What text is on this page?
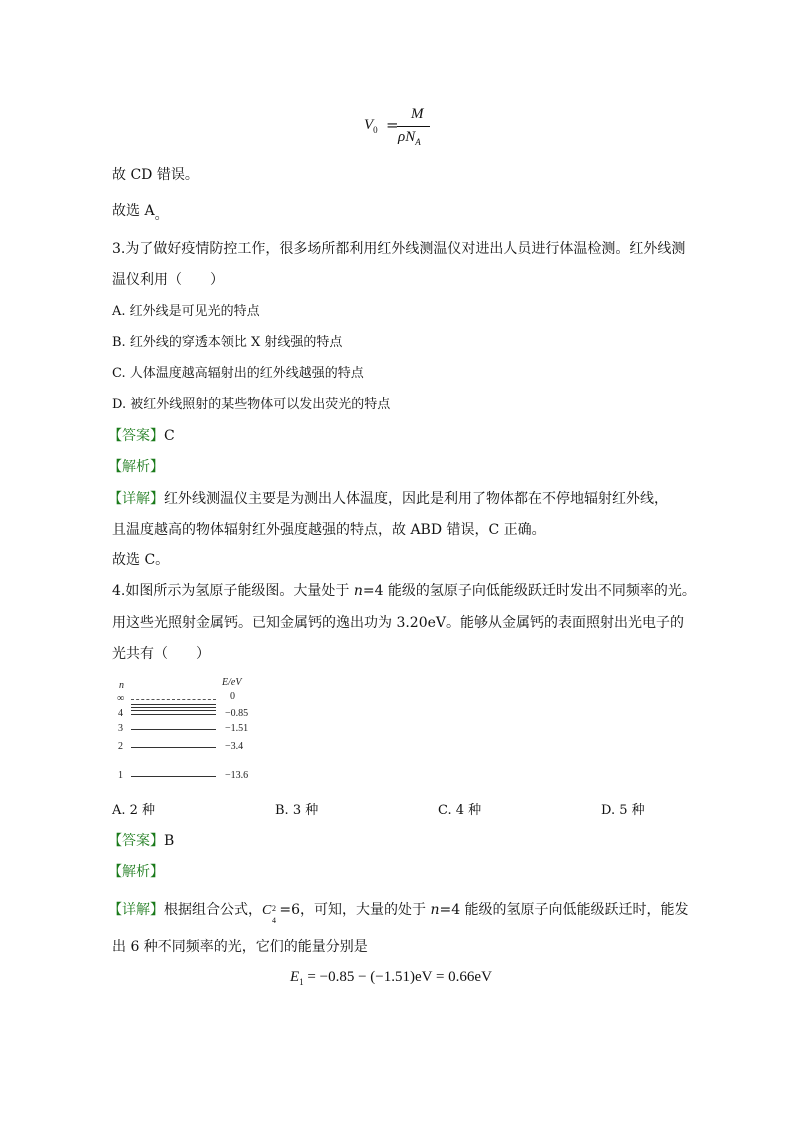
$V_0$ =
M
$\rho N_A$
故 CD 错误。
故选 A。
3.为了做好疫情防控工作，很多场所都利用红外线测温仪对进出人员进行体温检测。红外线测
温仪利用（　　）
A. 红外线是可见光的特点
B. 红外线的穿透本领比 X 射线强的特点
C. 人体温度越高辐射出的红外线越强的特点
D. 被红外线照射的某些物体可以发出荧光的特点
【答案】C
【解析】
【详解】红外线测温仪主要是为测出人体温度，因此是利用了物体都在不停地辐射红外线，
且温度越高的物体辐射红外强度越强的特点，故 ABD 错误，C 正确。
故选 C。
4.如图所示为氢原子能级图。大量处于 n=4 能级的氢原子向低能级跃迁时发出不同频率的光。
用这些光照射金属钙。已知金属钙的逸出功为 3.20eV。能够从金属钙的表面照射出光电子的
光共有（　　）
n	E/eV
∞	0
4	−0.85
3	−1.51
2	−3.4
1	−13.6
A. 2 种	B. 3 种	C. 4 种	D. 5 种
【答案】B
【解析】
【详解】根据组合公式，C 2
4
=6，可知，大量的处于 n=4 能级的氢原子向低能级跃迁时，能发
出 6 种不同频率的光，它们的能量分别是
$E_1 = -0.85 - (-1.51)eV = 0.66eV$
